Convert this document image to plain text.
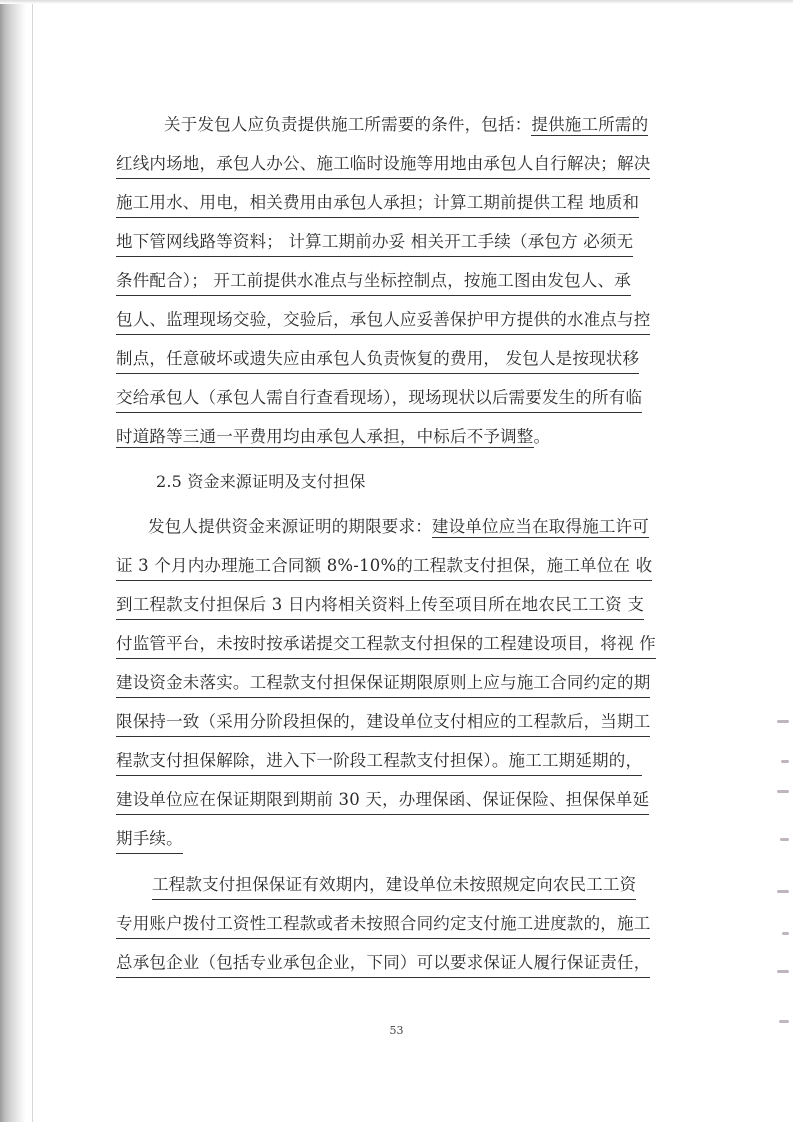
关于发包人应负责提供施工所需要的条件，包括：提供施工所需的
红线内场地，承包人办公、施工临时设施等用地由承包人自行解决；解决
施工用水、用电，相关费用由承包人承担；计算工期前提供工程 地质和
地下管网线路等资料； 计算工期前办妥 相关开工手续（承包方 必须无
条件配合）； 开工前提供水准点与坐标控制点，按施工图由发包人、承
包人、监理现场交验，交验后，承包人应妥善保护甲方提供的水准点与控
制点，任意破坏或遗失应由承包人负责恢复的费用， 发包人是按现状移
交给承包人（承包人需自行查看现场），现场现状以后需要发生的所有临
时道路等三通一平费用均由承包人承担，中标后不予调整。
2.5 资金来源证明及支付担保
发包人提供资金来源证明的期限要求：建设单位应当在取得施工许可
证 3 个月内办理施工合同额 8%-10%的工程款支付担保，施工单位在 收
到工程款支付担保后 3 日内将相关资料上传至项目所在地农民工工资 支
付监管平台，未按时按承诺提交工程款支付担保的工程建设项目，将视 作
建设资金未落实。工程款支付担保保证期限原则上应与施工合同约定的期
限保持一致（采用分阶段担保的，建设单位支付相应的工程款后，当期工
程款支付担保解除，进入下一阶段工程款支付担保）。施工工期延期的，
建设单位应在保证期限到期前 30 天，办理保函、保证保险、担保保单延
期手续。
工程款支付担保保证有效期内，建设单位未按照规定向农民工工资
专用账户拨付工资性工程款或者未按照合同约定支付施工进度款的，施工
总承包企业（包括专业承包企业，下同）可以要求保证人履行保证责任，
53
